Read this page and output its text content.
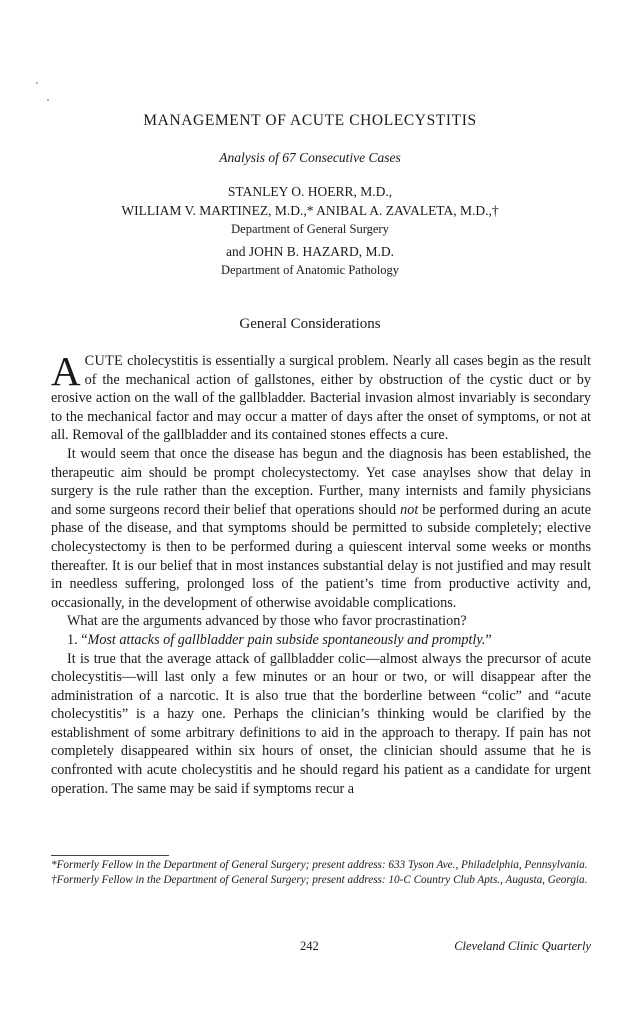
MANAGEMENT OF ACUTE CHOLECYSTITIS
Analysis of 67 Consecutive Cases
STANLEY O. HOERR, M.D.,
WILLIAM V. MARTINEZ, M.D.,* ANIBAL A. ZAVALETA, M.D.,†
Department of General Surgery
and JOHN B. HAZARD, M.D.
Department of Anatomic Pathology
General Considerations

ACUTE cholecystitis is essentially a surgical problem. Nearly all cases begin as the result of the mechanical action of gallstones, either by obstruction of the cystic duct or by erosive action on the wall of the gallbladder. Bacterial invasion almost invariably is secondary to the mechanical factor and may occur a matter of days after the onset of symptoms, or not at all. Removal of the gallbladder and its contained stones effects a cure.

It would seem that once the disease has begun and the diagnosis has been established, the therapeutic aim should be prompt cholecystectomy. Yet case anaylses show that delay in surgery is the rule rather than the exception. Further, many internists and family physicians and some surgeons record their belief that operations should not be performed during an acute phase of the disease, and that symptoms should be permitted to subside completely; elective cholecystectomy is then to be performed during a quiescent interval some weeks or months thereafter. It is our belief that in most instances substantial delay is not justified and may result in needless suffering, prolonged loss of the patient’s time from productive activity and, occasionally, in the development of otherwise avoidable complications.

What are the arguments advanced by those who favor procrastination?

1. “Most attacks of gallbladder pain subside spontaneously and promptly.”

It is true that the average attack of gallbladder colic—almost always the precursor of acute cholecystitis—will last only a few minutes or an hour or two, or will disappear after the administration of a narcotic. It is also true that the borderline between “colic” and “acute cholecystitis” is a hazy one. Perhaps the clinician’s thinking would be clarified by the establishment of some arbitrary definitions to aid in the approach to therapy. If pain has not completely disappeared within six hours of onset, the clinician should assume that he is confronted with acute cholecystitis and he should regard his patient as a candidate for urgent operation. The same may be said if symptoms recur a

*Formerly Fellow in the Department of General Surgery; present address: 633 Tyson Ave., Philadelphia, Pennsylvania.

†Formerly Fellow in the Department of General Surgery; present address: 10-C Country Club Apts., Augusta, Georgia.

242	Cleveland Clinic Quarterly
